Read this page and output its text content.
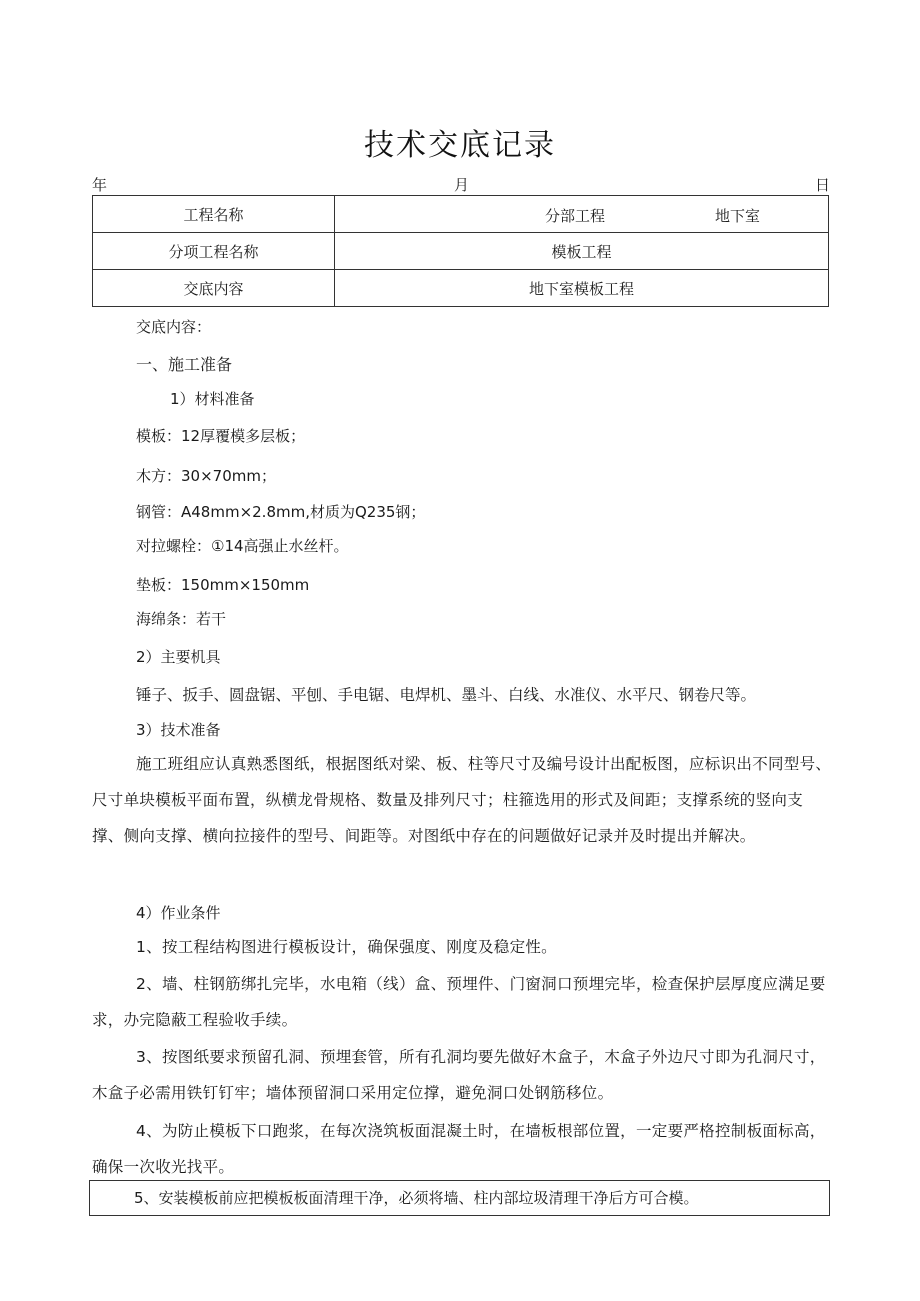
技术交底记录
年	月	日
工程名称	分部工程 地下室

分项工程名称	模板工程
交底内容	地下室模板工程
交底内容：
一、施工准备
1）材料准备
模板：12厚覆模多层板；
木方：30×70mm；
钢管：A48mm×2.8mm,材质为Q235钢；
对拉螺栓：①14高强止水丝杆。
垫板：150mm×150mm
海绵条：若干
2）主要机具
锤子、扳手、圆盘锯、平刨、手电锯、电焊机、墨斗、白线、水准仪、水平尺、钢卷尺等。
3）技术准备
施工班组应认真熟悉图纸，根据图纸对梁、板、柱等尺寸及编号设计出配板图，应标识出不同型号、尺寸单块模板平面布置，纵横龙骨规格、数量及排列尺寸；柱箍选用的形式及间距；支撑系统的竖向支撑、侧向支撑、横向拉接件的型号、间距等。对图纸中存在的问题做好记录并及时提出并解决。
4）作业条件
1、按工程结构图进行模板设计，确保强度、刚度及稳定性。
2、墙、柱钢筋绑扎完毕，水电箱（线）盒、预埋件、门窗洞口预埋完毕，检查保护层厚度应满足要求，办完隐蔽工程验收手续。
3、按图纸要求预留孔洞、预埋套管，所有孔洞均要先做好木盒子，木盒子外边尺寸即为孔洞尺寸，木盒子必需用铁钉钉牢；墙体预留洞口采用定位撑，避免洞口处钢筋移位。
4、为防止模板下口跑浆，在每次浇筑板面混凝土时，在墙板根部位置，一定要严格控制板面标高，确保一次收光找平。
5、安装模板前应把模板板面清理干净，必须将墙、柱内部垃圾清理干净后方可合模。
